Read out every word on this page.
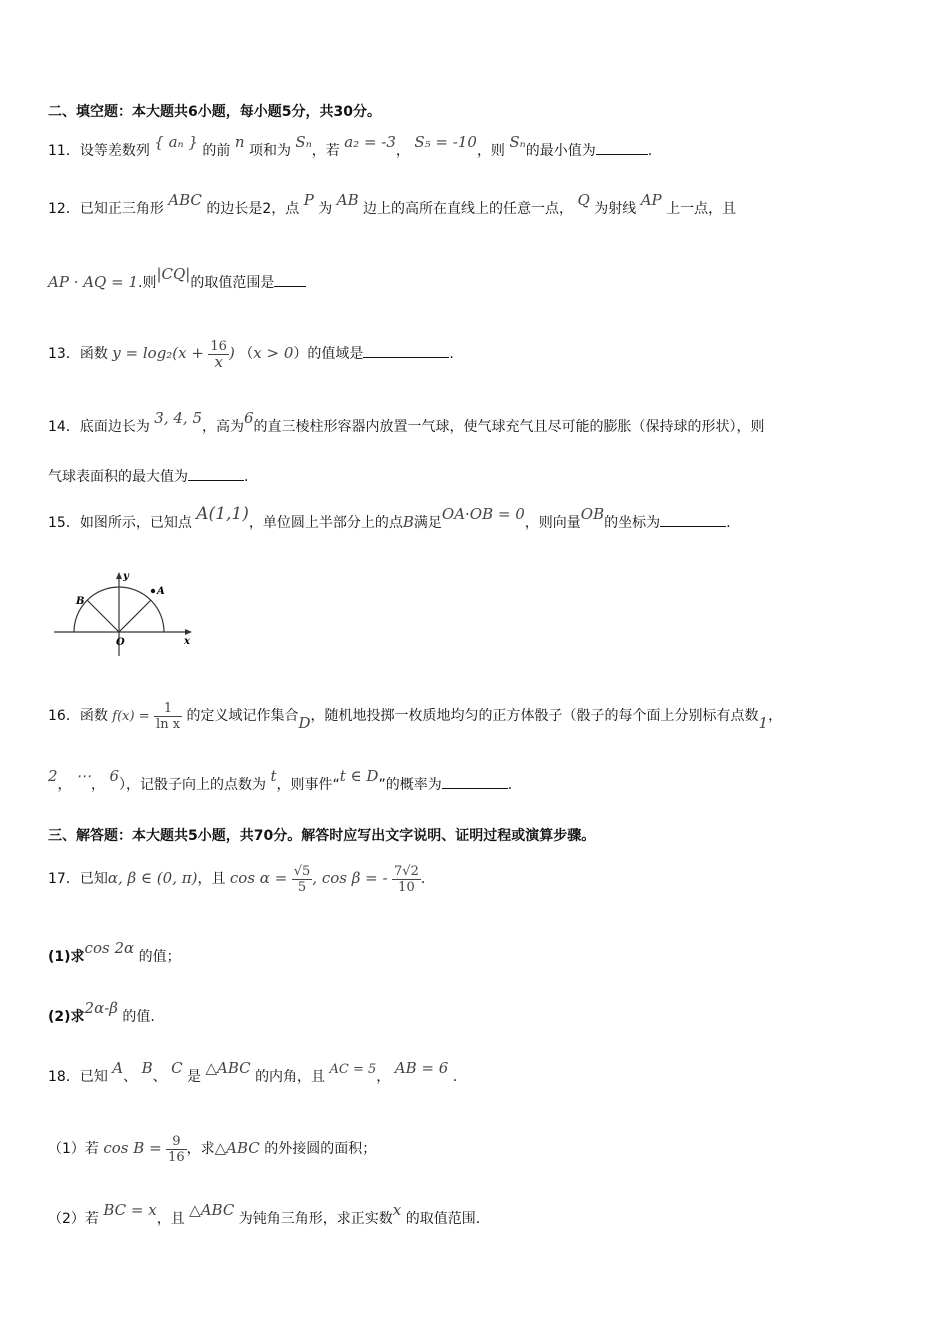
二、填空题：本大题共6小题，每小题5分，共30分。
11．设等差数列 { aₙ } 的前 n 项和为 Sₙ，若 a₂ = -3， S₅ = -10，则 Sₙ的最小值为	.
12．已知正三角形 ABC 的边长是2，点 P 为 AB 边上的高所在直线上的任意一点， Q 为射线 AP 上一点，且
AP · AQ = 1.则|CQ|的取值范围是
13．函数 $y = \log_2(x + \frac{16}{x}$ ) （x > 0）的值域是	.
14．底面边长为 3, 4, 5，高为6的直三棱柱形容器内放置一气球，使气球充气且尽可能的膨胀（保持球的形状），则
气球表面积的最大值为	.
15．如图所示，已知点 A(1,1)，单位圆上半部分上的点B满足OA·OB = 0，则向量OB的坐标为	.
y
x
O
A
B
16．函数 $f(x) = \frac{1}{\text{ln x}}$ 的定义域记作集合D，随机地投掷一枚质地均匀的正方体骰子（骰子的每个面上分别标有点数1，
2， ⋯， 6），记骰子向上的点数为 t，则事件“t ∈ D”的概率为	.
三、解答题：本大题共5小题，共70分。解答时应写出文字说明、证明过程或演算步骤。
17．已知α, β ∈ (0, π)，且 $\cos \alpha = \frac{√5}{5}$ , cos β = - $\frac{7√2}{10}$ .
(1)求cos 2α 的值；
(2)求2α-β 的值.
18．已知 A、 B、 C 是 △ABC 的内角，且 AC = 5， AB = 6 .
（1）若 $\cos B = \frac{9}{16}$ ，求△ABC 的外接圆的面积；
（2）若 BC = x，且 △ABC 为钝角三角形，求正实数x 的取值范围.
